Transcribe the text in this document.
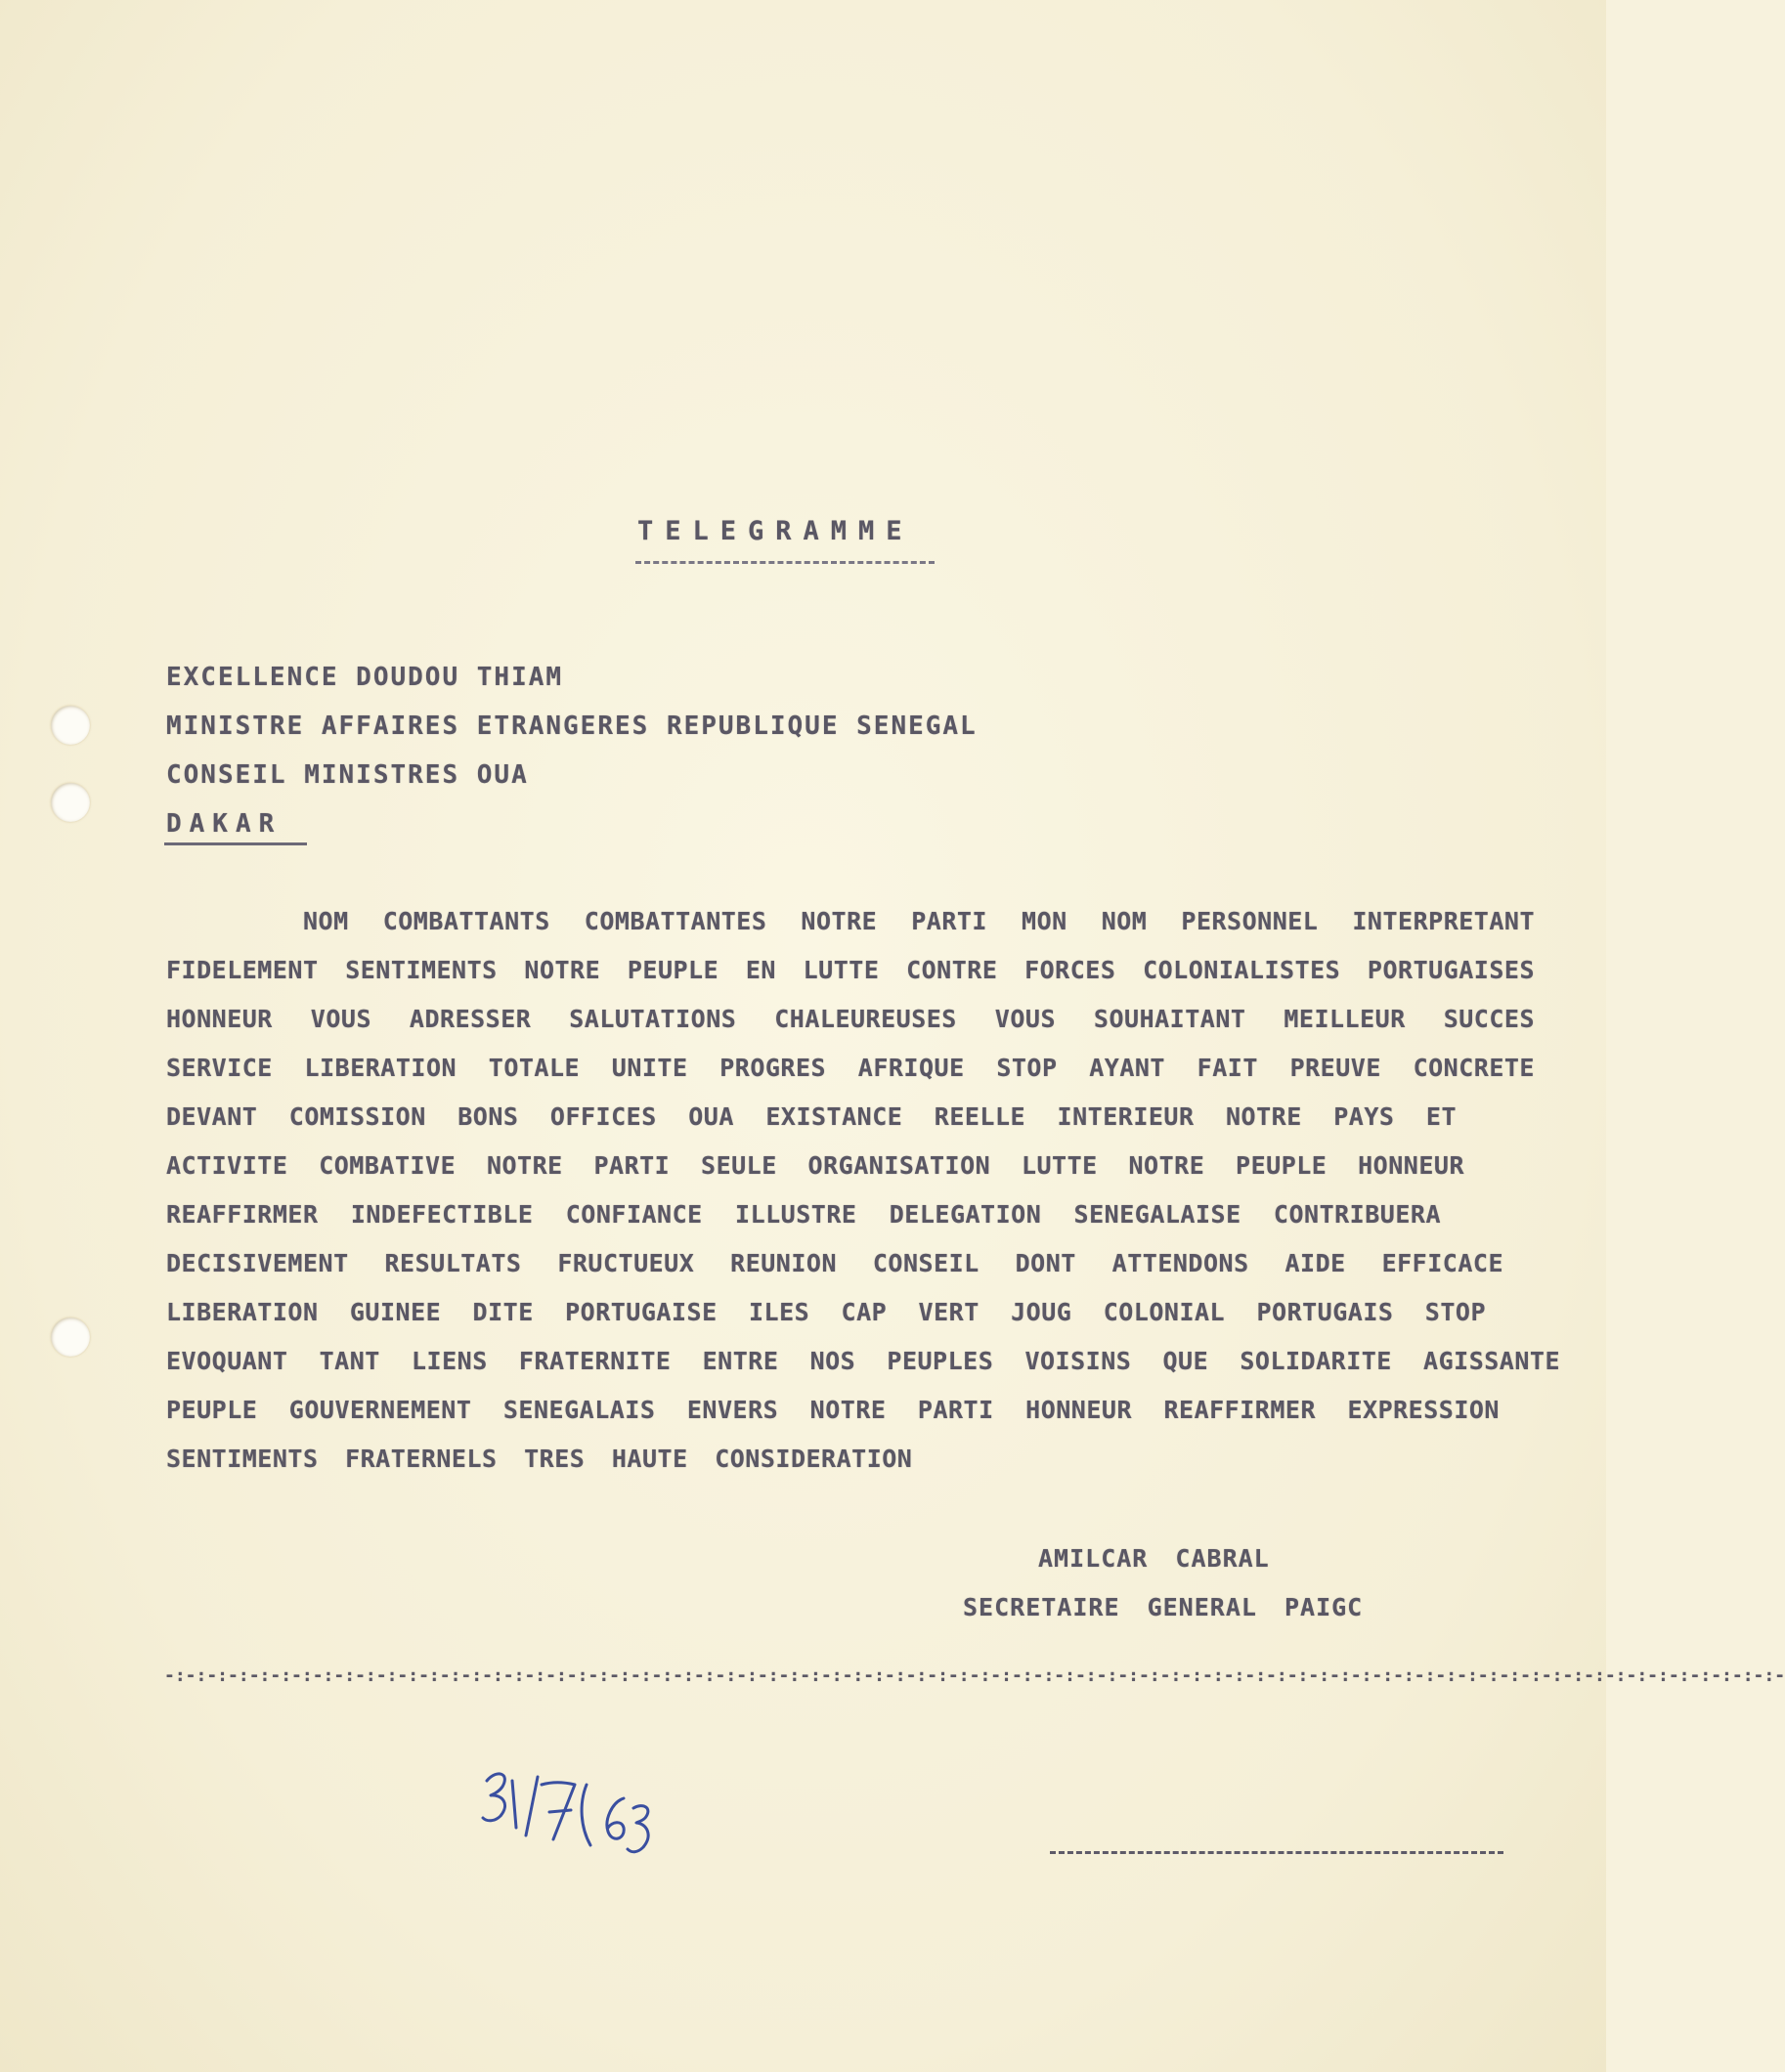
TELEGRAMME
EXCELLENCE DOUDOU THIAM
MINISTRE AFFAIRES ETRANGERES REPUBLIQUE SENEGAL
CONSEIL MINISTRES OUA
DAKAR
NOM COMBATTANTS COMBATTANTES NOTRE PARTI MON NOM PERSONNEL INTERPRETANT
FIDELEMENT SENTIMENTS NOTRE PEUPLE EN LUTTE CONTRE FORCES COLONIALISTES PORTUGAISES
HONNEUR VOUS ADRESSER SALUTATIONS CHALEUREUSES VOUS SOUHAITANT MEILLEUR SUCCES
SERVICE LIBERATION TOTALE UNITE PROGRES AFRIQUE STOP AYANT FAIT PREUVE CONCRETE
DEVANT COMISSION BONS OFFICES OUA EXISTANCE REELLE INTERIEUR NOTRE PAYS ET
ACTIVITE COMBATIVE NOTRE PARTI SEULE ORGANISATION LUTTE NOTRE PEUPLE HONNEUR
REAFFIRMER INDEFECTIBLE CONFIANCE ILLUSTRE DELEGATION SENEGALAISE CONTRIBUERA
DECISIVEMENT RESULTATS FRUCTUEUX REUNION CONSEIL DONT ATTENDONS AIDE EFFICACE
LIBERATION GUINEE DITE PORTUGAISE ILES CAP VERT JOUG COLONIAL PORTUGAIS STOP
EVOQUANT TANT LIENS FRATERNITE ENTRE NOS PEUPLES VOISINS QUE SOLIDARITE AGISSANTE
PEUPLE GOUVERNEMENT SENEGALAIS ENVERS NOTRE PARTI HONNEUR REAFFIRMER EXPRESSION
SENTIMENTS FRATERNELS TRES HAUTE CONSIDERATION
AMILCAR CABRAL
SECRETAIRE GENERAL PAIGC
-:-:-:-:-:-:-:-:-:-:-:-:-:-:-:-:-:-:-:-:-:-:-:-:-:-:-:-:-:-:-:-:-:-:-:-:-:-:-:-:-:-:-:-:-:-:-:-:-:-:-:-:-:-:-:-:-:-:-:-:-:-:-:-:-:-:-:-:-:-:-:-:-:-:-:-:-
